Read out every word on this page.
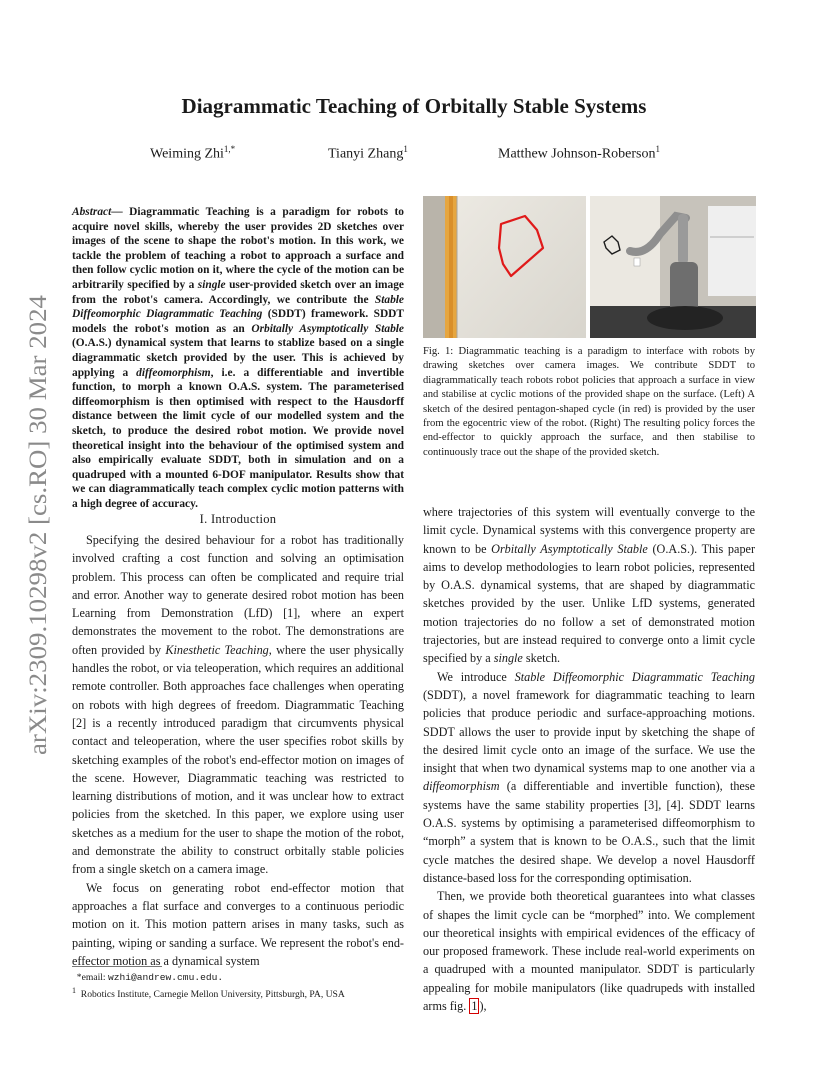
arXiv:2309.10298v2 [cs.RO] 30 Mar 2024
Diagrammatic Teaching of Orbitally Stable Systems
Weiming Zhi$^{1,*}$	Tianyi Zhang$^1$	Matthew Johnson-Roberson$^1$
Abstract— Diagrammatic Teaching is a paradigm for robots to acquire novel skills, whereby the user provides 2D sketches over images of the scene to shape the robot's motion. In this work, we tackle the problem of teaching a robot to approach a surface and then follow cyclic motion on it, where the cycle of the motion can be arbitrarily specified by a single user-provided sketch over an image from the robot's camera. Accordingly, we contribute the Stable Diffeomorphic Diagrammatic Teaching (SDDT) framework. SDDT models the robot's motion as an Orbitally Asymptotically Stable (O.A.S.) dynamical system that learns to stablize based on a single diagrammatic sketch provided by the user. This is achieved by applying a diffeomorphism, i.e. a differentiable and invertible function, to morph a known O.A.S. system. The parameterised diffeomorphism is then optimised with respect to the Hausdorff distance between the limit cycle of our modelled system and the sketch, to produce the desired robot motion. We provide novel theoretical insight into the behaviour of the optimised system and also empirically evaluate SDDT, both in simulation and on a quadruped with a mounted 6-DOF manipulator. Results show that we can diagrammatically teach complex cyclic motion patterns with a high degree of accuracy.
I. Introduction

Specifying the desired behaviour for a robot has traditionally involved crafting a cost function and solving an optimisation problem. This process can often be complicated and require trial and error. Another way to generate desired robot motion has been Learning from Demonstration (LfD) [1], where an expert demonstrates the movement to the robot. The demonstrations are often provided by Kinesthetic Teaching, where the user physically handles the robot, or via teleoperation, which requires an additional remote controller. Both approaches face challenges when operating on robots with high degrees of freedom. Diagrammatic Teaching [2] is a recently introduced paradigm that circumvents physical contact and teleoperation, where the user specifies robot skills by sketching examples of the robot's end-effector motion on images of the scene. However, Diagrammatic teaching was restricted to learning distributions of motion, and it was unclear how to extract policies from the sketched. In this paper, we explore using user sketches as a medium for the user to shape the motion of the robot, and demonstrate the ability to construct orbitally stable policies from a single sketch on a camera image.

We focus on generating robot end-effector motion that approaches a flat surface and converges to a continuous periodic motion on it. This motion pattern arises in many tasks, such as painting, wiping or sanding a surface. We represent the robot's end-effector motion as a dynamical system

*email: wzhi@andrew.cmu.edu.
$^1$ Robotics Institute, Carnegie Mellon University, Pittsburgh, PA, USA
Fig. 1: Diagrammatic teaching is a paradigm to interface with robots by drawing sketches over camera images. We contribute SDDT to diagrammatically teach robots robot policies that approach a surface in view and stabilise at cyclic motions of the provided shape on the surface. (Left) A sketch of the desired pentagon-shaped cycle (in red) is provided by the user from the egocentric view of the robot. (Right) The resulting policy forces the end-effector to quickly approach the surface, and then stabilise to continuously trace out the shape of the provided sketch.

where trajectories of this system will eventually converge to the limit cycle. Dynamical systems with this convergence property are known to be Orbitally Asymptotically Stable (O.A.S.). This paper aims to develop methodologies to learn robot policies, represented by O.A.S. dynamical systems, that are shaped by diagrammatic sketches provided by the user. Unlike LfD systems, generated motion trajectories do no follow a set of demonstrated motion trajectories, but are instead required to converge onto a limit cycle specified by a single sketch.

We introduce Stable Diffeomorphic Diagrammatic Teaching (SDDT), a novel framework for diagrammatic teaching to learn policies that produce periodic and surface-approaching motions. SDDT allows the user to provide input by sketching the shape of the desired limit cycle onto an image of the surface. We use the insight that when two dynamical systems map to one another via a diffeomorphism (a differentiable and invertible function), these systems have the same stability properties [3], [4]. SDDT learns O.A.S. systems by optimising a parameterised diffeomorphism to “morph” a system that is known to be O.A.S., such that the limit cycle matches the desired shape. We develop a novel Hausdorff distance-based loss for the corresponding optimisation.

Then, we provide both theoretical guarantees into what classes of shapes the limit cycle can be “morphed” into. We complement our theoretical insights with empirical evidences of the efficacy of our proposed framework. These include real-world experiments on a quadruped with a mounted manipulator. SDDT is particularly appealing for mobile manipulators (like quadrupeds with installed arms fig. 1 ),
